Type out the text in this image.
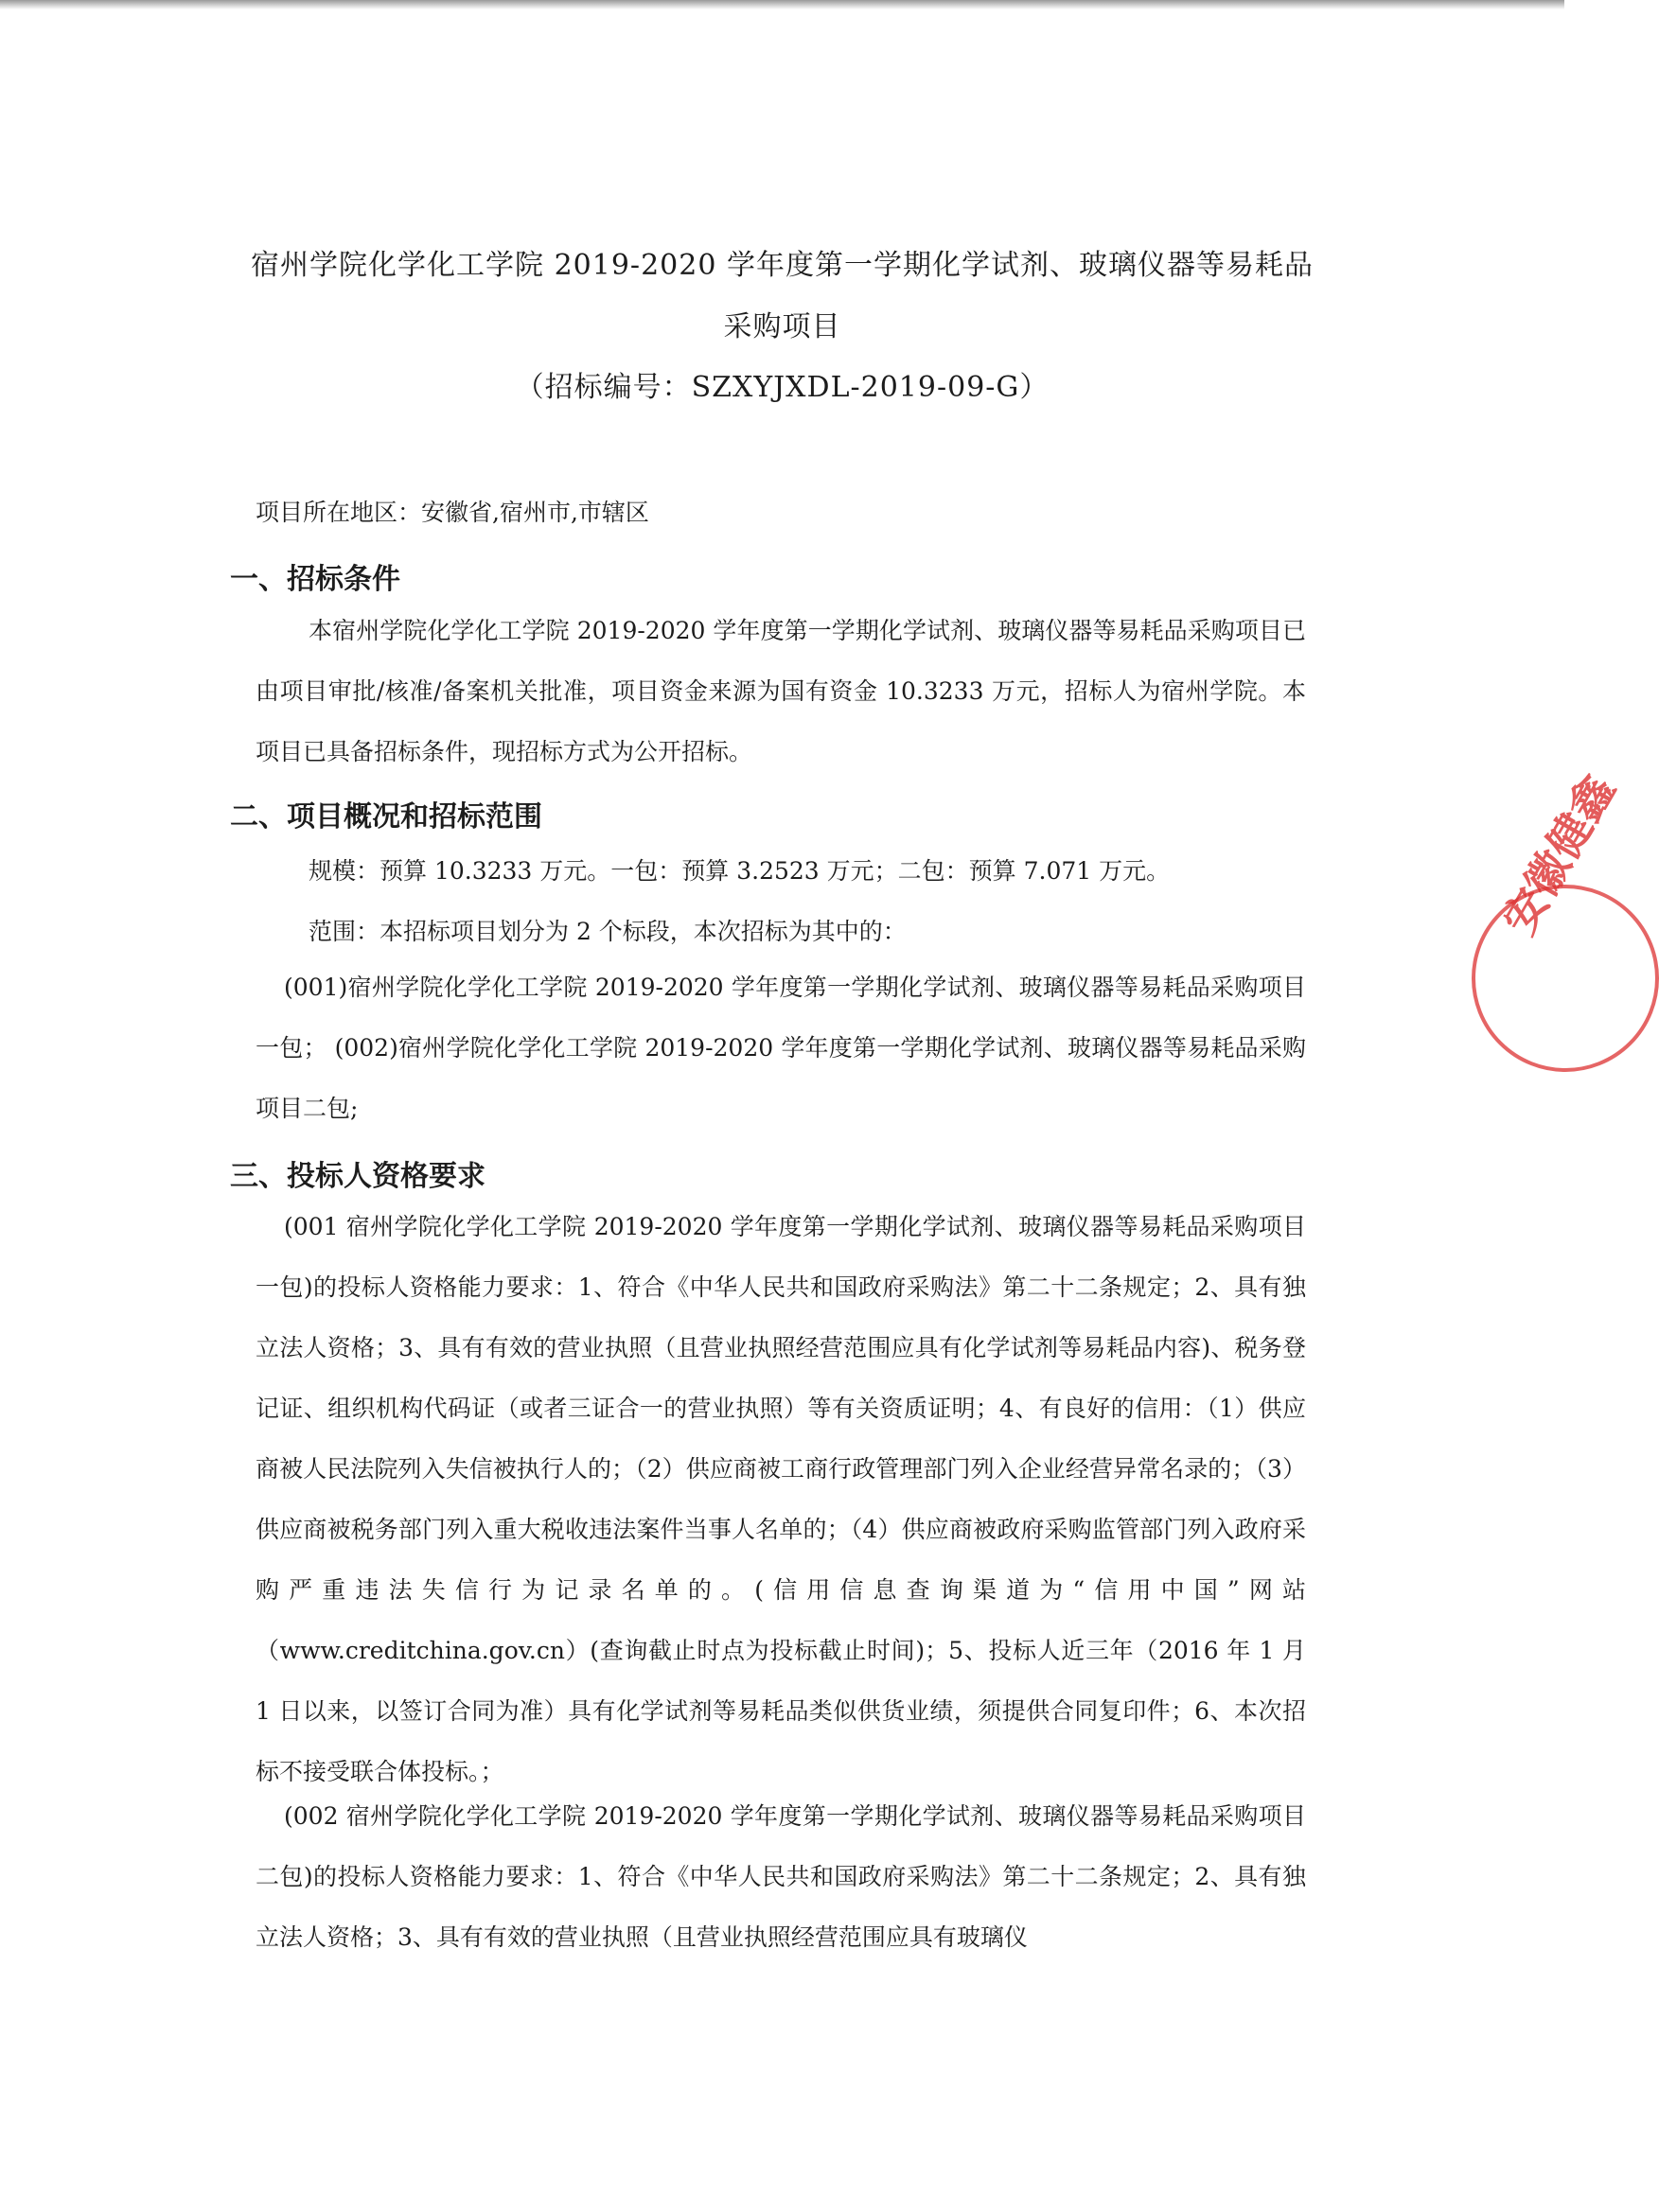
宿州学院化学化工学院 2019-2020 学年度第一学期化学试剂、玻璃仪器等易耗品
采购项目
（招标编号：SZXYJXDL-2019-09-G）
项目所在地区：安徽省,宿州市,市辖区
一、招标条件
本宿州学院化学化工学院 2019-2020 学年度第一学期化学试剂、玻璃仪器等易耗品采购项目已由项目审批/核准/备案机关批准，项目资金来源为国有资金 10.3233 万元，招标人为宿州学院。本项目已具备招标条件，现招标方式为公开招标。
二、项目概况和招标范围
规模：预算 10.3233 万元。一包：预算 3.2523 万元；二包：预算 7.071 万元。
范围：本招标项目划分为 2 个标段，本次招标为其中的：
(001)宿州学院化学化工学院 2019-2020 学年度第一学期化学试剂、玻璃仪器等易耗品采购项目一包； (002)宿州学院化学化工学院 2019-2020 学年度第一学期化学试剂、玻璃仪器等易耗品采购项目二包;
三、投标人资格要求
(001 宿州学院化学化工学院 2019-2020 学年度第一学期化学试剂、玻璃仪器等易耗品采购项目一包)的投标人资格能力要求：1、符合《中华人民共和国政府采购法》第二十二条规定；2、具有独立法人资格；3、具有有效的营业执照（且营业执照经营范围应具有化学试剂等易耗品内容)、税务登记证、组织机构代码证（或者三证合一的营业执照）等有关资质证明；4、有良好的信用：（1）供应商被人民法院列入失信被执行人的；（2）供应商被工商行政管理部门列入企业经营异常名录的；（3）供应商被税务部门列入重大税收违法案件当事人名单的；（4）供应商被政府采购监管部门列入政府采购严重违法失信行为记录名单的。(信用信息查询渠道为“信用中国”网站（www.creditchina.gov.cn）(查询截止时点为投标截止时间)；5、投标人近三年（2016 年 1 月 1 日以来，以签订合同为准）具有化学试剂等易耗品类似供货业绩，须提供合同复印件；6、本次招标不接受联合体投标。；
(002 宿州学院化学化工学院 2019-2020 学年度第一学期化学试剂、玻璃仪器等易耗品采购项目二包)的投标人资格能力要求：1、符合《中华人民共和国政府采购法》第二十二条规定；2、具有独立法人资格；3、具有有效的营业执照（且营业执照经营范围应具有玻璃仪
安徽健鑫
